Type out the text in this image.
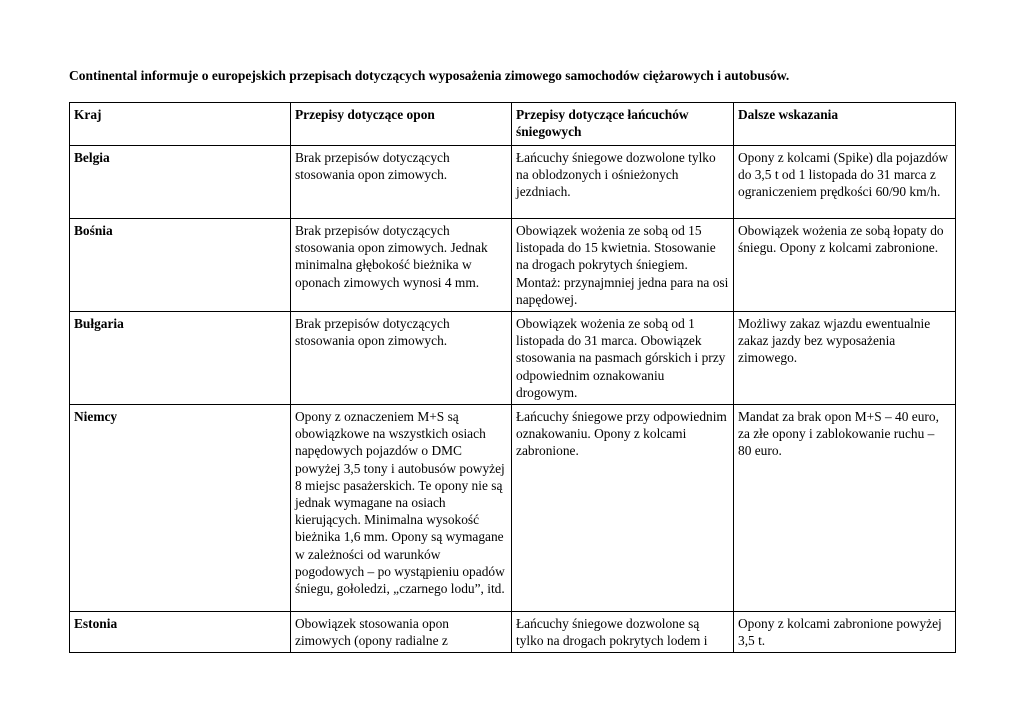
Continental informuje o europejskich przepisach dotyczących wyposażenia zimowego samochodów ciężarowych i autobusów.
Kraj	Przepisy dotyczące opon	Przepisy dotyczące łańcuchów śniegowych	Dalsze wskazania
Belgia	Brak przepisów dotyczących stosowania opon zimowych.	Łańcuchy śniegowe dozwolone tylko na oblodzonych i ośnieżonych jezdniach.	Opony z kolcami (Spike) dla pojazdów do 3,5 t od 1 listopada do 31 marca z ograniczeniem prędkości 60/90 km/h.
Bośnia	Brak przepisów dotyczących stosowania opon zimowych. Jednak minimalna głębokość bieżnika w oponach zimowych wynosi 4 mm.	Obowiązek wożenia ze sobą od 15 listopada do 15 kwietnia. Stosowanie na drogach pokrytych śniegiem. Montaż: przynajmniej jedna para na osi napędowej.	Obowiązek wożenia ze sobą łopaty do śniegu. Opony z kolcami zabronione.
Bułgaria	Brak przepisów dotyczących stosowania opon zimowych.	Obowiązek wożenia ze sobą od 1 listopada do 31 marca. Obowiązek stosowania na pasmach górskich i przy odpowiednim oznakowaniu drogowym.	Możliwy zakaz wjazdu ewentualnie zakaz jazdy bez wyposażenia zimowego.
Niemcy	Opony z oznaczeniem M+S są obowiązkowe na wszystkich osiach napędowych pojazdów o DMC powyżej 3,5 tony i autobusów powyżej 8 miejsc pasażerskich. Te opony nie są jednak wymagane na osiach kierujących. Minimalna wysokość bieżnika 1,6 mm. Opony są wymagane w zależności od warunków pogodowych – po wystąpieniu opadów śniegu, gołoledzi, „czarnego lodu”, itd.	Łańcuchy śniegowe przy odpowiednim oznakowaniu. Opony z kolcami zabronione.	Mandat za brak opon M+S – 40 euro, za złe opony i zablokowanie ruchu – 80 euro.
Estonia	Obowiązek stosowania opon zimowych (opony radialne z	Łańcuchy śniegowe dozwolone są tylko na drogach pokrytych lodem i	Opony z kolcami zabronione powyżej 3,5 t.
